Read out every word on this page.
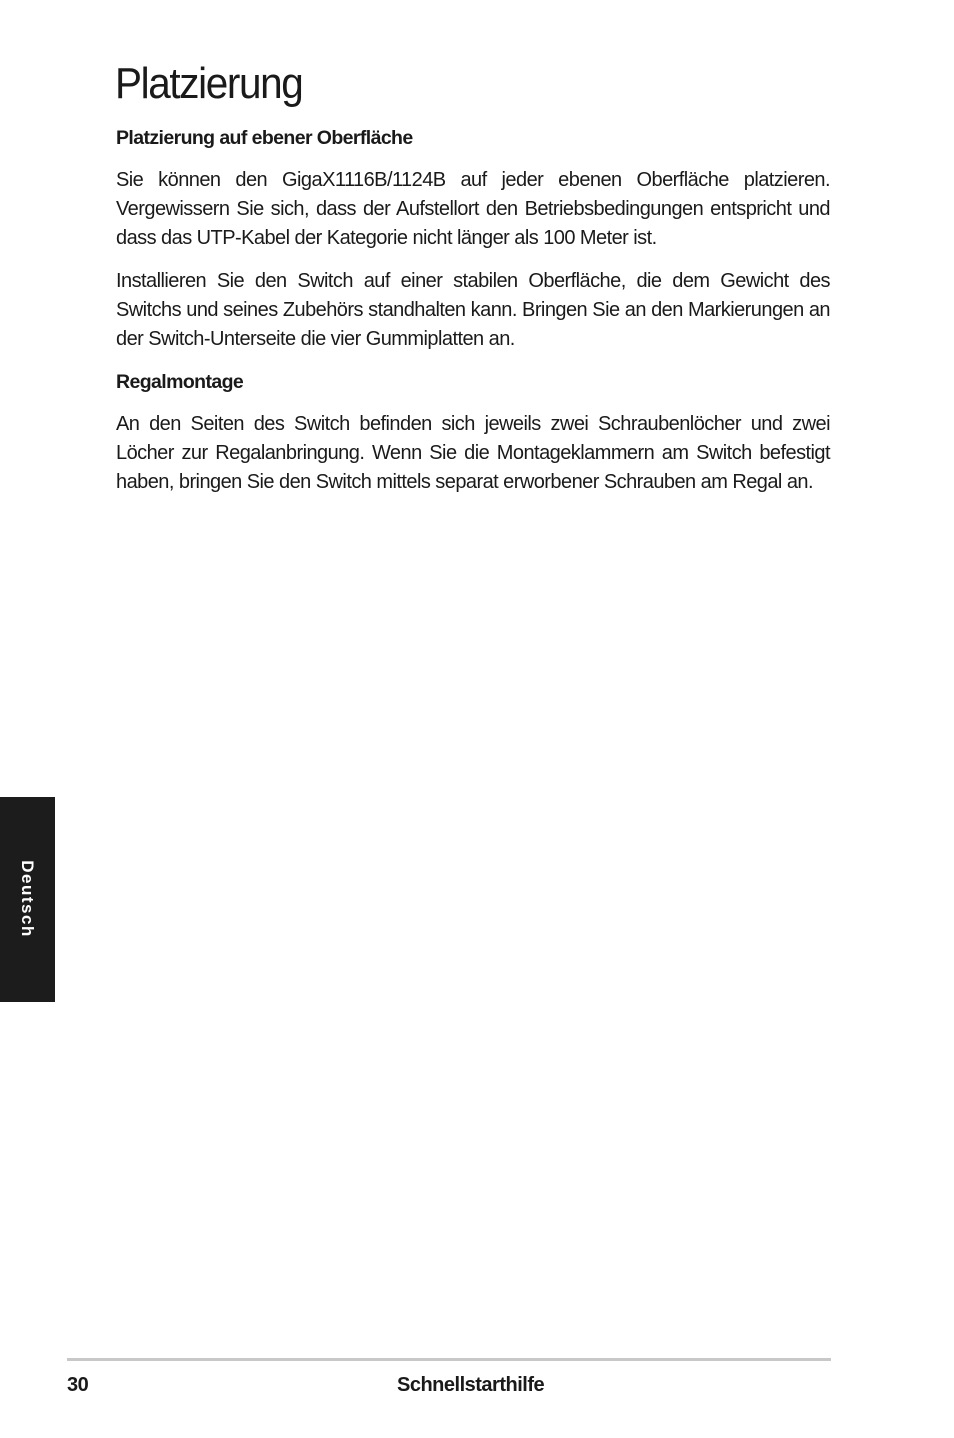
Platzierung
Platzierung auf ebener Oberfläche

Sie können den GigaX1116B/1124B auf jeder ebenen Oberfläche platzieren. Vergewissern Sie sich, dass der Aufstellort den Betriebsbedingungen entspricht und dass das UTP-Kabel der Kategorie nicht länger als 100 Meter ist.

Installieren Sie den Switch auf einer stabilen Oberfläche, die dem Gewicht des Switchs und seines Zubehörs standhalten kann. Bringen Sie an den Markierungen an der Switch-Unterseite die vier Gummiplatten an.

Regalmontage

An den Seiten des Switch befinden sich jeweils zwei Schraubenlöcher und zwei Löcher zur Regalanbringung. Wenn Sie die Montageklammern am Switch befestigt haben, bringen Sie den Switch mittels separat erworbener Schrauben am Regal an.

Deutsch
30	Schnellstarthilfe
